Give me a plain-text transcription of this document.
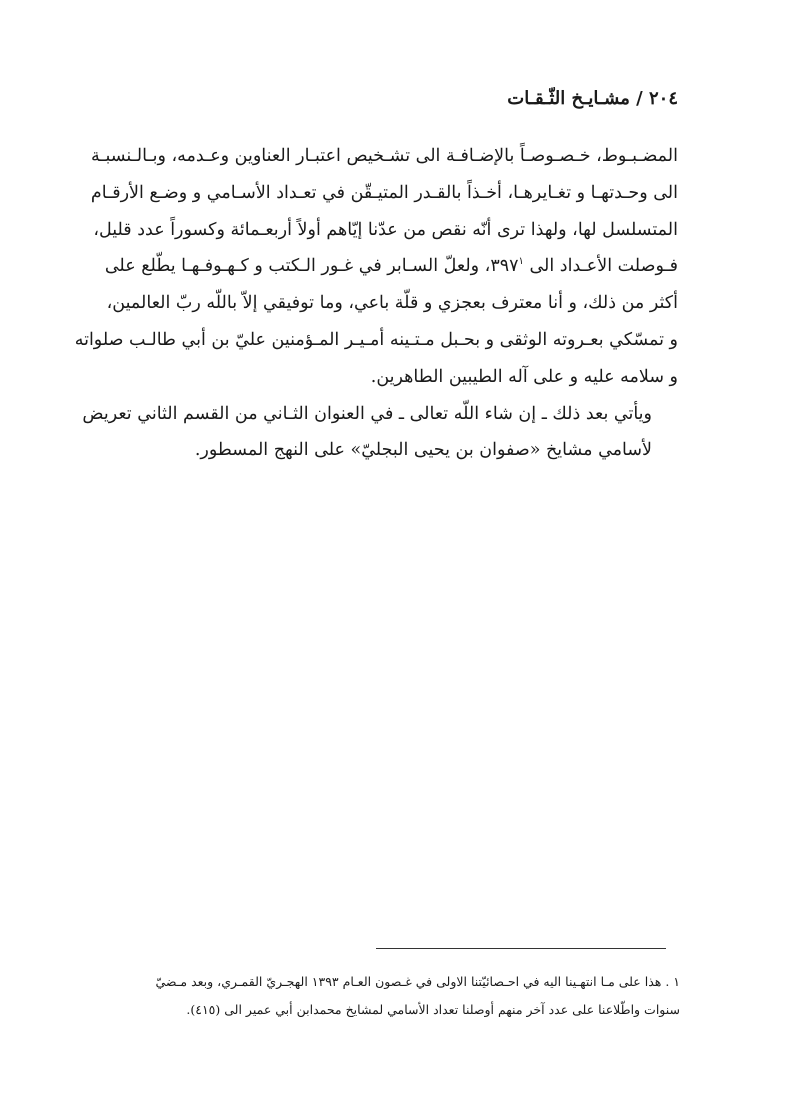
٢٠٤ / مشـايـخ الثّـقـات

المضـبـوط، خـصـوصـاً بالإضـافـة الى تشـخيص اعتبـار العناوين وعـدمه، وبـالـنسبـة
الى وحـدتهـا و تغـايرهـا، أخـذاً بالقـدر المتيـقّن في تعـداد الأسـامي و وضـع الأرقـام
المتسلسل لها، ولهذا ترى أنّه نقص من عدّنا إيّاهم أولاً أربعـمائة وكسوراً عدد قليل،
فـوصلت الأعـداد الى ٣٩٧$^١$، ولعلّ السـابر في غـور الـكتب و كـهـوفـهـا يطّلع على
أكثر من ذلك، و أنا معترف بعجزي و قلّة باعي، وما توفيقي إلاّ باللّه ربّ العالمين،
و تمسّكي بعـروته الوثقى و بحـبل مـتـينه أمـيـر المـؤمنين عليّ بن أبي طالـب صلواته
و سلامه عليه و على آله الطيبين الطاهرين.

ويأتي بعد ذلك ـ إن شاء اللّه تعالى ـ في العنوان الثـاني من القسم الثاني تعريض
لأسامي مشايخ «صفوان بن يحيى البجليّ» على النهج المسطور.

١ . هذا على مـا انتهـينا اليه في احـصائيّتنا الاولى في غـصون العـام ١٣٩٣ الهجـريّ القمـري، وبعد مـضيّ
سنوات واطّلاعنا على عدد آخر منهم أوصلنا تعداد الأسامي لمشايخ محمدابن أبي عمير الى (٤١٥).
